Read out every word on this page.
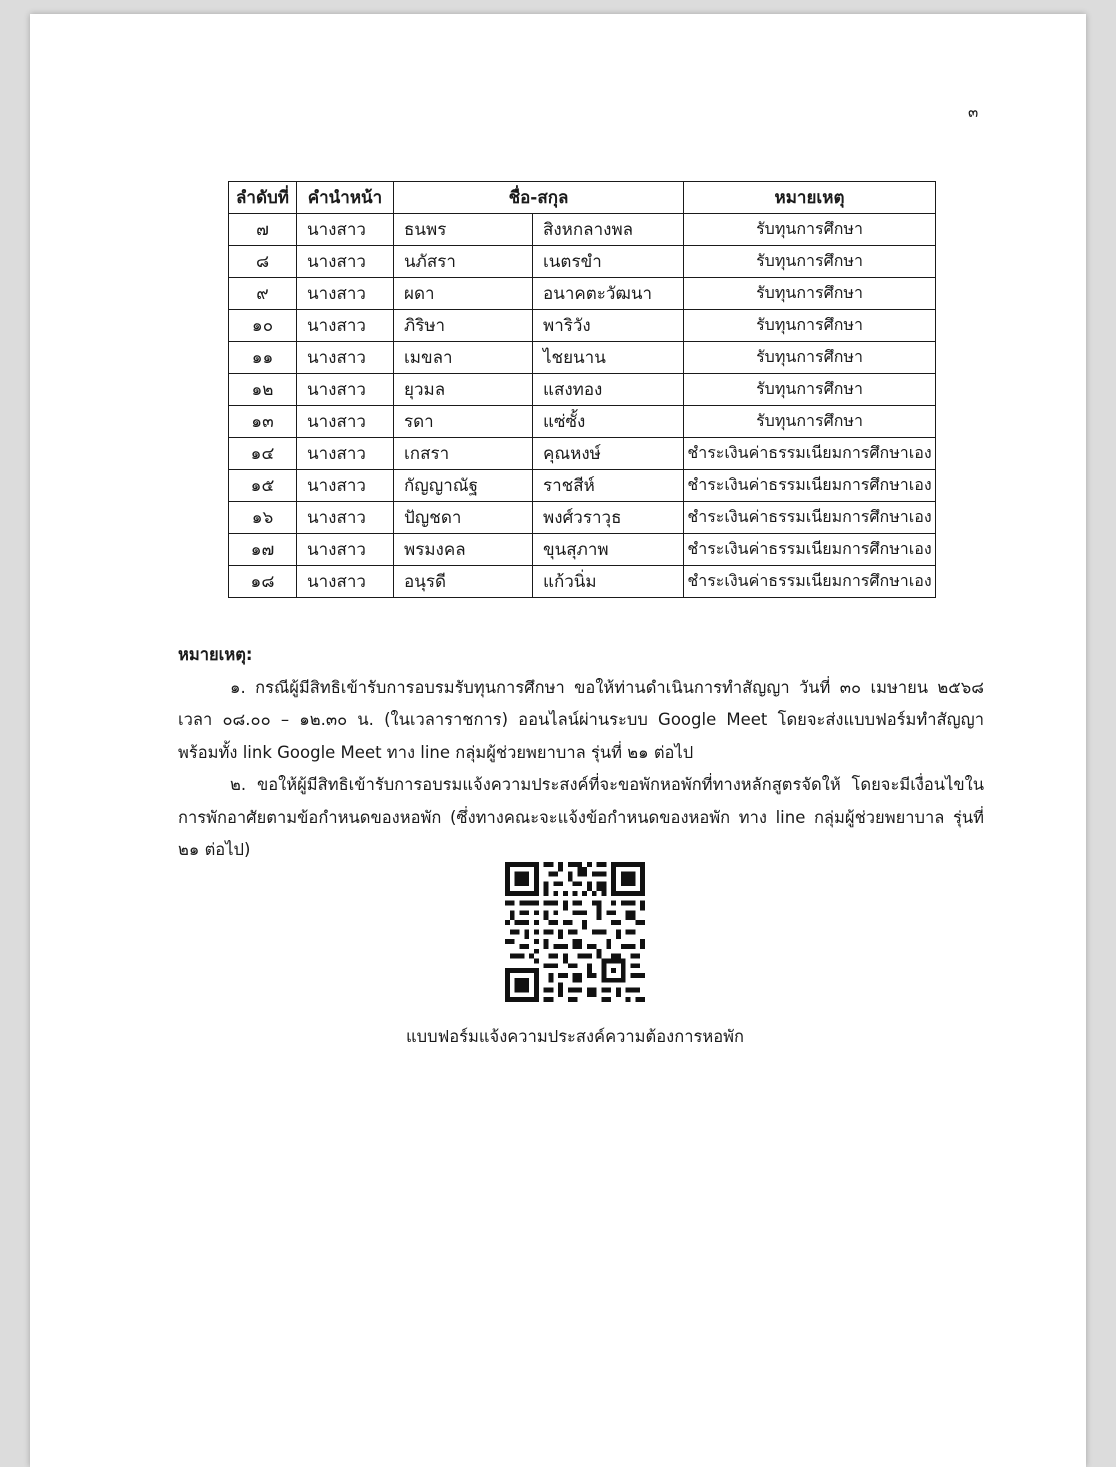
๓
ลำดับที่	คำนำหน้า	ชื่อ-สกุล		หมายเหตุ
๗	นางสาว	ธนพร	สิงหกลางพล	รับทุนการศึกษา
๘	นางสาว	นภัสรา	เนตรขำ	รับทุนการศึกษา
๙	นางสาว	ผดา	อนาคตะวัฒนา	รับทุนการศึกษา
๑๐	นางสาว	ภิริษา	พาริวัง	รับทุนการศึกษา
๑๑	นางสาว	เมขลา	ไชยนาน	รับทุนการศึกษา
๑๒	นางสาว	ยุวมล	แสงทอง	รับทุนการศึกษา
๑๓	นางสาว	รดา	แซ่ซั้ง	รับทุนการศึกษา
๑๔	นางสาว	เกสรา	คุณหงษ์	ชำระเงินค่าธรรมเนียมการศึกษาเอง
๑๕	นางสาว	กัญญาณัฐ	ราชสีห์	ชำระเงินค่าธรรมเนียมการศึกษาเอง
๑๖	นางสาว	ปัญชดา	พงศ์วราวุธ	ชำระเงินค่าธรรมเนียมการศึกษาเอง
๑๗	นางสาว	พรมงคล	ขุนสุภาพ	ชำระเงินค่าธรรมเนียมการศึกษาเอง
๑๘	นางสาว	อนุรดี	แก้วนิ่ม	ชำระเงินค่าธรรมเนียมการศึกษาเอง

หมายเหตุ:

๑. กรณีผู้มีสิทธิเข้ารับการอบรมรับทุนการศึกษา ขอให้ท่านดำเนินการทำสัญญา วันที่ ๓๐ เมษายน ๒๕๖๘ เวลา ๐๘.๐๐ – ๑๒.๓๐ น. (ในเวลาราชการ) ออนไลน์ผ่านระบบ Google Meet โดยจะส่งแบบฟอร์มทำสัญญา พร้อมทั้ง link Google Meet ทาง line กลุ่มผู้ช่วยพยาบาล รุ่นที่ ๒๑ ต่อไป

๒. ขอให้ผู้มีสิทธิเข้ารับการอบรมแจ้งความประสงค์ที่จะขอพักหอพักที่ทางหลักสูตรจัดให้ โดยจะมีเงื่อนไขในการพักอาศัยตามข้อกำหนดของหอพัก (ซึ่งทางคณะจะแจ้งข้อกำหนดของหอพัก ทาง line กลุ่มผู้ช่วยพยาบาล รุ่นที่ ๒๑ ต่อไป)

แบบฟอร์มแจ้งความประสงค์ความต้องการหอพัก
